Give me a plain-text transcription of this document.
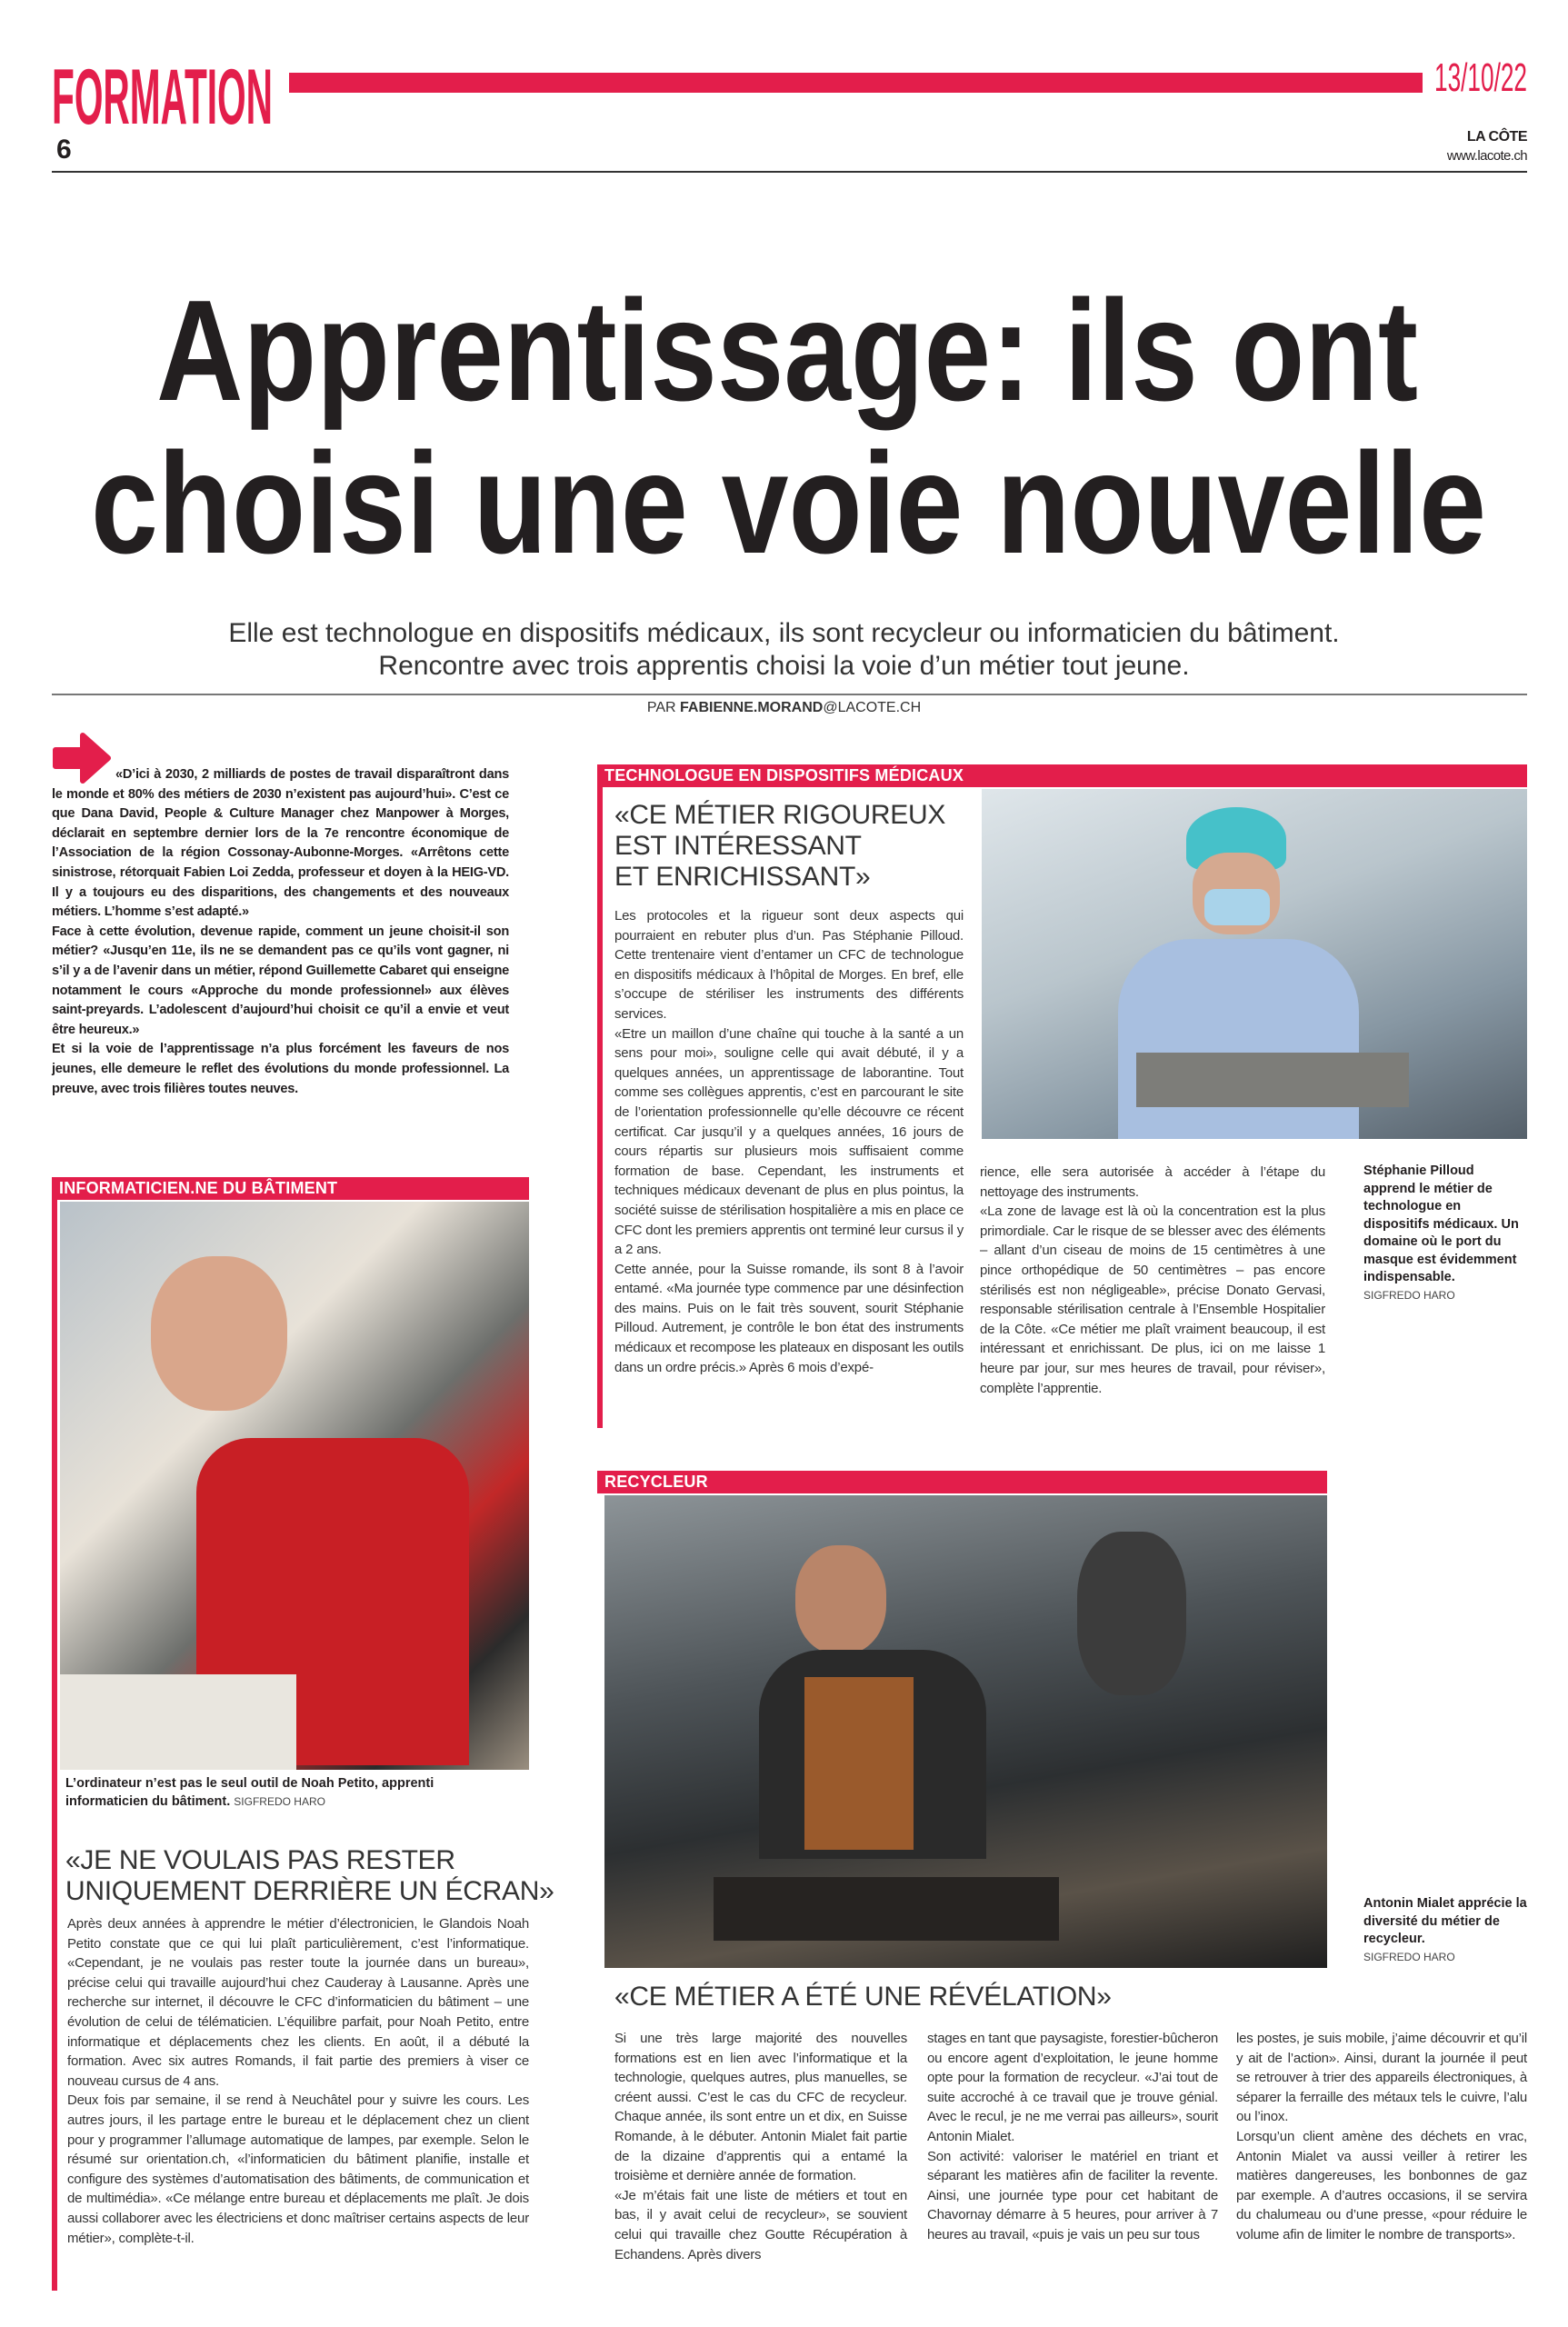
FORMATION	13/10/22
6	LA CÔTE
www.lacote.ch
Apprentissage: ils ont
choisi une voie nouvelle
Elle est technologue en dispositifs médicaux, ils sont recycleur ou informaticien du bâtiment.
Rencontre avec trois apprentis choisi la voie d’un métier tout jeune.
PAR FABIENNE.MORAND@LACOTE.CH

«D’ici à 2030, 2 milliards de postes de travail disparaîtront dans le monde et 80% des métiers de 2030 n’existent pas aujourd’hui». C’est ce que Dana David, People & Culture Manager chez Manpower à Morges, déclarait en septembre dernier lors de la 7e rencontre économique de l’Association de la région Cossonay-Aubonne-Morges. «Arrêtons cette sinistrose, rétorquait Fabien Loi Zedda, professeur et doyen à la HEIG-VD. Il y a toujours eu des disparitions, des changements et des nouveaux métiers. L’homme s’est adapté.»

Face à cette évolution, devenue rapide, comment un jeune choisit-il son métier? «Jusqu’en 11e, ils ne se demandent pas ce qu’ils vont gagner, ni s’il y a de l’avenir dans un métier, répond Guillemette Cabaret qui enseigne notamment le cours «Approche du monde professionnel» aux élèves saint-preyards. L’adolescent d’aujourd’hui choisit ce qu’il a envie et veut être heureux.»

Et si la voie de l’apprentissage n’a plus forcément les faveurs de nos jeunes, elle demeure le reflet des évolutions du monde professionnel. La preuve, avec trois filières toutes neuves.

INFORMATICIEN.NE DU BÂTIMENT
L’ordinateur n’est pas le seul outil de Noah Petito, apprenti informaticien du bâtiment. SIGFREDO HARO
«JE NE VOULAIS PAS RESTER
UNIQUEMENT DERRIÈRE UN ÉCRAN»

Après deux années à apprendre le métier d’électronicien, le Glandois Noah Petito constate que ce qui lui plaît particulièrement, c’est l’informatique. «Cependant, je ne voulais pas rester toute la journée dans un bureau», précise celui qui travaille aujourd’hui chez Cauderay à Lausanne. Après une recherche sur internet, il découvre le CFC d’informaticien du bâtiment – une évolution de celui de télématicien. L’équilibre parfait, pour Noah Petito, entre informatique et déplacements chez les clients. En août, il a débuté la formation. Avec six autres Romands, il fait partie des premiers à viser ce nouveau cursus de 4 ans.

Deux fois par semaine, il se rend à Neuchâtel pour y suivre les cours. Les autres jours, il les partage entre le bureau et le déplacement chez un client pour y programmer l’allumage automatique de lampes, par exemple. Selon le résumé sur orientation.ch, «l’informaticien du bâtiment planifie, installe et configure des systèmes d’automatisation des bâtiments, de communication et de multimédia». «Ce mélange entre bureau et déplacements me plaît. Je dois aussi collaborer avec les électriciens et donc maîtriser certains aspects de leur métier», complète-t-il.

TECHNOLOGUE EN DISPOSITIFS MÉDICAUX
«CE MÉTIER RIGOUREUX
EST INTÉRESSANT
ET ENRICHISSANT»

Les protocoles et la rigueur sont deux aspects qui pourraient en rebuter plus d’un. Pas Stéphanie Pilloud. Cette trentenaire vient d’entamer un CFC de technologue en dispositifs médicaux à l’hôpital de Morges. En bref, elle s’occupe de stériliser les instruments des différents services.

«Etre un maillon d’une chaîne qui touche à la santé a un sens pour moi», souligne celle qui avait débuté, il y a quelques années, un apprentissage de laborantine. Tout comme ses collègues apprentis, c’est en parcourant le site de l’orientation professionnelle qu’elle découvre ce récent certificat. Car jusqu’il y a quelques années, 16 jours de cours répartis sur plusieurs mois suffisaient comme formation de base. Cependant, les instruments et techniques médicaux devenant de plus en plus pointus, la société suisse de stérilisation hospitalière a mis en place ce CFC dont les premiers apprentis ont terminé leur cursus il y a 2 ans.

Cette année, pour la Suisse romande, ils sont 8 à l’avoir entamé. «Ma journée type commence par une désinfection des mains. Puis on le fait très souvent, sourit Stéphanie Pilloud. Autrement, je contrôle le bon état des instruments médicaux et recompose les plateaux en disposant les outils dans un ordre précis.» Après 6 mois d’expé-

rience, elle sera autorisée à accéder à l’étape du nettoyage des instruments.

«La zone de lavage est là où la concentration est la plus primordiale. Car le risque de se blesser avec des éléments – allant d’un ciseau de moins de 15 centimètres à une pince orthopédique de 50 centimètres – pas encore stérilisés est non négligeable», précise Donato Gervasi, responsable stérilisation centrale à l’Ensemble Hospitalier de la Côte. «Ce métier me plaît vraiment beaucoup, il est intéressant et enrichissant. De plus, ici on me laisse 1 heure par jour, sur mes heures de travail, pour réviser», complète l’apprentie.

Stéphanie Pilloud apprend le métier de technologue en dispositifs médicaux. Un domaine où le port du masque est évidemment indispensable.
SIGFREDO HARO
RECYCLEUR
Antonin Mialet apprécie la diversité du métier de recycleur.
SIGFREDO HARO
«CE MÉTIER A ÉTÉ UNE RÉVÉLATION»

Si une très large majorité des nouvelles formations est en lien avec l’informatique et la technologie, quelques autres, plus manuelles, se créent aussi. C’est le cas du CFC de recycleur. Chaque année, ils sont entre un et dix, en Suisse Romande, à le débuter. Antonin Mialet fait partie de la dizaine d’apprentis qui a entamé la troisième et dernière année de formation.

«Je m’étais fait une liste de métiers et tout en bas, il y avait celui de recycleur», se souvient celui qui travaille chez Goutte Récupération à Echandens. Après divers

stages en tant que paysagiste, forestier-bûcheron ou encore agent d’exploitation, le jeune homme opte pour la formation de recycleur. «J’ai tout de suite accroché à ce travail que je trouve génial. Avec le recul, je ne me verrai pas ailleurs», sourit Antonin Mialet.

Son activité: valoriser le matériel en triant et séparant les matières afin de faciliter la revente. Ainsi, une journée type pour cet habitant de Chavornay démarre à 5 heures, pour arriver à 7 heures au travail, «puis je vais un peu sur tous

les postes, je suis mobile, j’aime découvrir et qu’il y ait de l’action». Ainsi, durant la journée il peut se retrouver à trier des appareils électroniques, à séparer la ferraille des métaux tels le cuivre, l’alu ou l’inox.

Lorsqu’un client amène des déchets en vrac, Antonin Mialet va aussi veiller à retirer les matières dangereuses, les bonbonnes de gaz par exemple. A d’autres occasions, il se servira du chalumeau ou d’une presse, «pour réduire le volume afin de limiter le nombre de transports».
